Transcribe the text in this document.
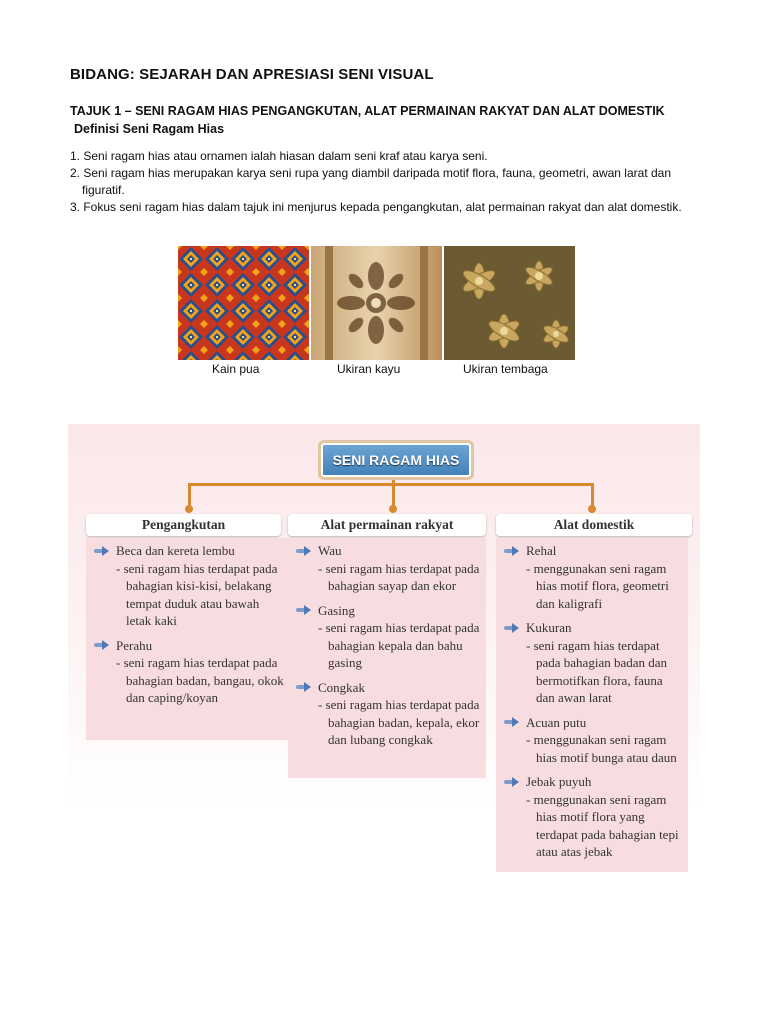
BIDANG: SEJARAH DAN APRESIASI SENI VISUAL
TAJUK 1 – SENI RAGAM HIAS PENGANGKUTAN, ALAT PERMAINAN RAKYAT DAN ALAT DOMESTIK
Definisi Seni Ragam Hias
1. Seni ragam hias atau ornamen ialah hiasan dalam seni kraf atau karya seni.
2. Seni ragam hias merupakan karya seni rupa yang diambil daripada motif flora, fauna, geometri, awan larat dan figuratif.
3. Fokus seni ragam hias dalam tajuk ini menjurus kepada pengangkutan, alat permainan rakyat dan alat domestik.
Kain pua	Ukiran kayu	Ukiran tembaga
SENI RAGAM HIAS
Pengangkutan
Beca dan kereta lembu
- seni ragam hias terdapat pada bahagian kisi-kisi, belakang tempat duduk atau bawah letak kaki
Perahu
- seni ragam hias terdapat pada bahagian badan, bangau, okok dan caping/koyan
Alat permainan rakyat
Wau
- seni ragam hias terdapat pada bahagian sayap dan ekor
Gasing
- seni ragam hias terdapat pada bahagian kepala dan bahu gasing
Congkak
- seni ragam hias terdapat pada bahagian badan, kepala, ekor dan lubang congkak
Alat domestik
Rehal
- menggunakan seni ragam hias motif flora, geometri dan kaligrafi
Kukuran
- seni ragam hias terdapat pada bahagian badan dan bermotifkan flora, fauna dan awan larat
Acuan putu
- menggunakan seni ragam hias motif bunga atau daun
Jebak puyuh
- menggunakan seni ragam hias motif flora yang terdapat pada bahagian tepi atau atas jebak
